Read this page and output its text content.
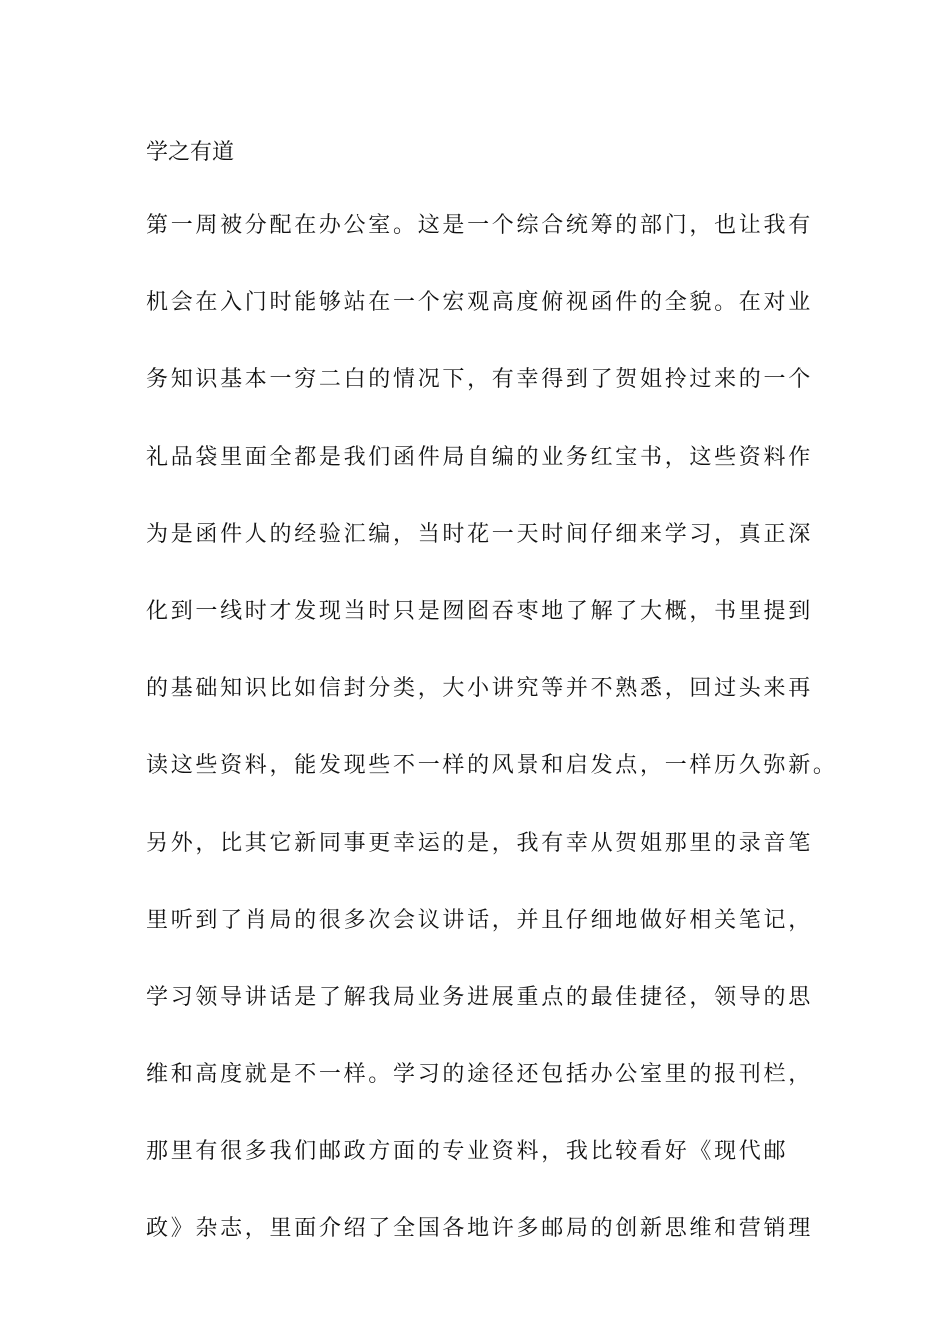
学之有道
第一周被分配在办公室。这是一个综合统筹的部门，也让我有
机会在入门时能够站在一个宏观高度俯视函件的全貌。在对业
务知识基本一穷二白的情况下，有幸得到了贺姐拎过来的一个
礼品袋里面全都是我们函件局自编的业务红宝书，这些资料作
为是函件人的经验汇编，当时花一天时间仔细来学习，真正深
化到一线时才发现当时只是囫囵吞枣地了解了大概，书里提到
的基础知识比如信封分类，大小讲究等并不熟悉，回过头来再
读这些资料，能发现些不一样的风景和启发点，一样历久弥新。
另外，比其它新同事更幸运的是，我有幸从贺姐那里的录音笔
里听到了肖局的很多次会议讲话，并且仔细地做好相关笔记，
学习领导讲话是了解我局业务进展重点的最佳捷径，领导的思
维和高度就是不一样。学习的途径还包括办公室里的报刊栏，
那里有很多我们邮政方面的专业资料，我比较看好《现代邮
政》杂志，里面介绍了全国各地许多邮局的创新思维和营销理
